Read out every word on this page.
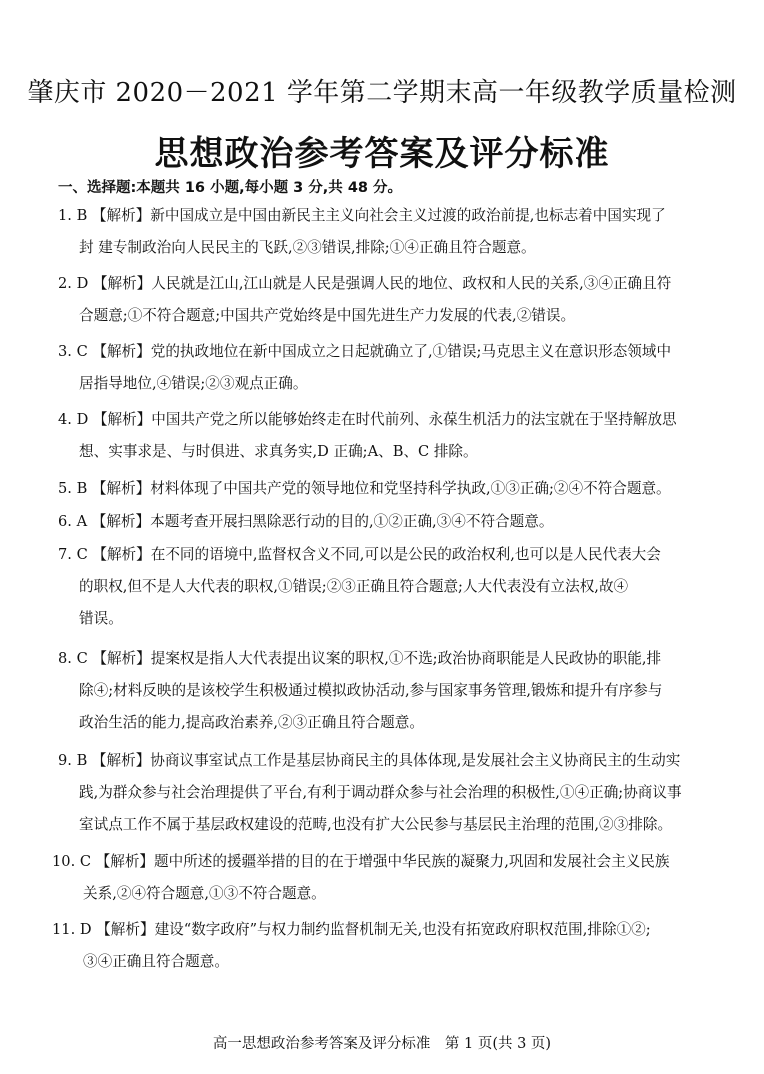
肇庆市 2020－2021 学年第二学期末高一年级教学质量检测
思想政治参考答案及评分标准
一、选择题:本题共 16 小题,每小题 3 分,共 48 分。
1. B 【解析】新中国成立是中国由新民主主义向社会主义过渡的政治前提,也标志着中国实现了
封 建专制政治向人民民主的飞跃,②③错误,排除;①④正确且符合题意。
2. D 【解析】人民就是江山,江山就是人民是强调人民的地位、政权和人民的关系,③④正确且符
合题意;①不符合题意;中国共产党始终是中国先进生产力发展的代表,②错误。
3. C 【解析】党的执政地位在新中国成立之日起就确立了,①错误;马克思主义在意识形态领域中
居指导地位,④错误;②③观点正确。
4. D 【解析】中国共产党之所以能够始终走在时代前列、永葆生机活力的法宝就在于坚持解放思
想、实事求是、与时俱进、求真务实,D 正确;A、B、C 排除。
5. B 【解析】材料体现了中国共产党的领导地位和党坚持科学执政,①③正确;②④不符合题意。
6. A 【解析】本题考查开展扫黑除恶行动的目的,①②正确,③④不符合题意。
7. C 【解析】在不同的语境中,监督权含义不同,可以是公民的政治权利,也可以是人民代表大会
的职权,但不是人大代表的职权,①错误;②③正确且符合题意;人大代表没有立法权,故④
错误。
8. C 【解析】提案权是指人大代表提出议案的职权,①不选;政治协商职能是人民政协的职能,排
除④;材料反映的是该校学生积极通过模拟政协活动,参与国家事务管理,锻炼和提升有序参与
政治生活的能力,提高政治素养,②③正确且符合题意。
9. B 【解析】协商议事室试点工作是基层协商民主的具体体现,是发展社会主义协商民主的生动实
践,为群众参与社会治理提供了平台,有利于调动群众参与社会治理的积极性,①④正确;协商议事
室试点工作不属于基层政权建设的范畴,也没有扩大公民参与基层民主治理的范围,②③排除。
10. C 【解析】题中所述的援疆举措的目的在于增强中华民族的凝聚力,巩固和发展社会主义民族
关系,②④符合题意,①③不符合题意。
11. D 【解析】建设“数字政府”与权力制约监督机制无关,也没有拓宽政府职权范围,排除①②;
③④正确且符合题意。
高一思想政治参考答案及评分标准　第 1 页(共 3 页)
